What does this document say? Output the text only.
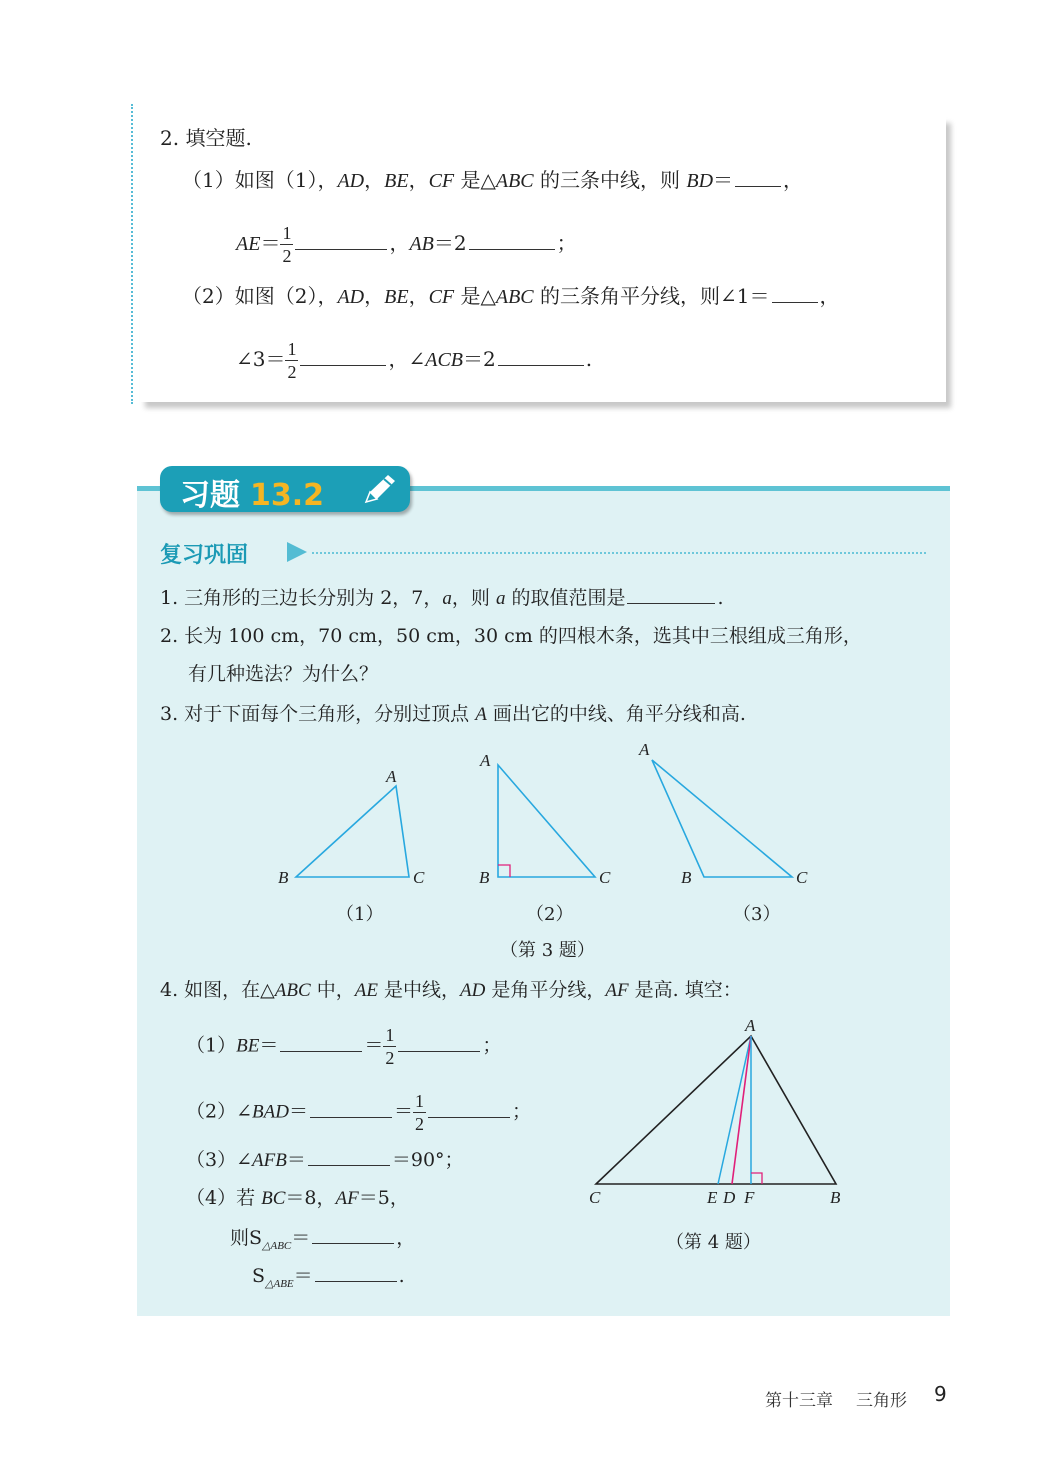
2. 填空题.
（1）如图（1），AD，BE，CF 是△ABC 的三条中线，则 BD＝	，
$AE= \frac{1}{2}$	，AB＝2	；
（2）如图（2），AD，BE，CF 是△ABC 的三条角平分线，则∠1＝	，
∠3＝ $\frac{1}{2}$	，∠ACB＝2	.
习题 13.2
复习巩固
1. 三角形的三边长分别为 2，7，a，则 a 的取值范围是	.
2. 长为 100 cm，70 cm，50 cm，30 cm 的四根木条，选其中三根组成三角形，
有几种选法？为什么？
3. 对于下面每个三角形，分别过顶点 A 画出它的中线、角平分线和高.
A
B	C
A
B	C
A
B	C
（1）	（2）	（3）
（第 3 题）
4. 如图，在△ABC 中，AE 是中线，AD 是角平分线，AF 是高. 填空：
（1）BE＝	＝ $\frac{1}{2}$	；
（2）∠BAD＝	＝ $\frac{1}{2}$	；
（3）∠AFB＝	＝90°；
（4）若 BC＝8，AF＝5，
则$S_{\triangle ABC}=$	，
$S_{\triangle ABE}=$	.
A
C	E D F	B
（第 4 题）
第十三章 三角形 9
